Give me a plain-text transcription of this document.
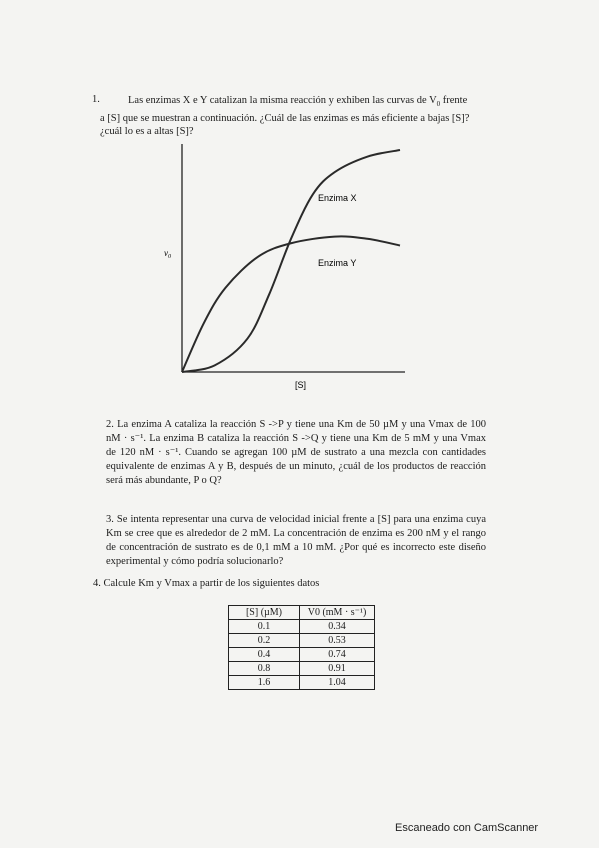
1.	Las enzimas X e Y catalizan la misma reacción y exhiben las curvas de $V_0$ frente
a [S] que se muestran a continuación. ¿Cuál de las enzimas es más eficiente a bajas [S]?
¿cuál lo es a altas [S]?
Enzima X
Enzima Y
$v_0$
[S]
2. La enzima A cataliza la reacción S ->P y tiene una Km de 50 µM y una Vmax de 100 nM · s⁻¹. La enzima B cataliza la reacción S ->Q y tiene una Km de 5 mM y una Vmax de 120 nM · s⁻¹. Cuando se agregan 100 µM de sustrato a una mezcla con cantidades equivalente de enzimas A y B, después de un minuto, ¿cuál de los productos de reacción será más abundante, P o Q?
3. Se intenta representar una curva de velocidad inicial frente a [S] para una enzima cuya Km se cree que es alrededor de 2 mM. La concentración de enzima es 200 nM y el rango de concentración de sustrato es de 0,1 mM a 10 mM. ¿Por qué es incorrecto este diseño experimental y cómo podría solucionarlo?
4. Calcule Km y Vmax a partir de los siguientes datos
[S] (µM)	V0 (mM · s⁻¹)
0.1	0.34
0.2	0.53
0.4	0.74
0.8	0.91
1.6	1.04
Escaneado con CamScanner
